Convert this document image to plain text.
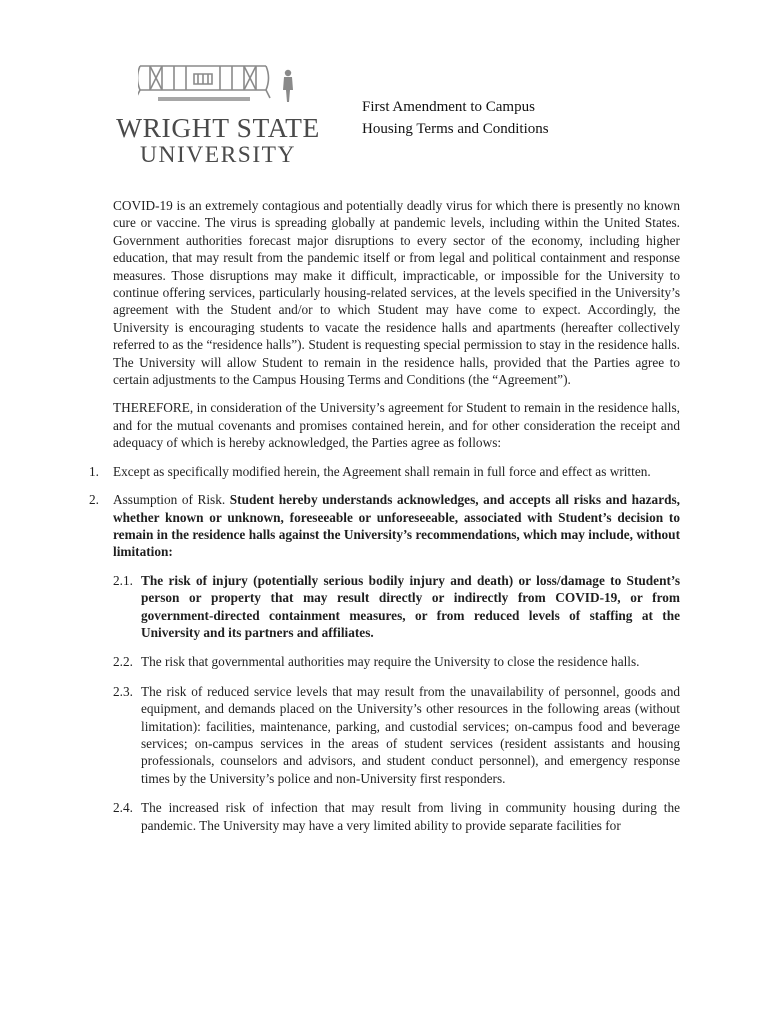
WRIGHT STATE
UNIVERSITY
First Amendment to Campus
Housing Terms and Conditions

COVID-19 is an extremely contagious and potentially deadly virus for which there is presently no known cure or vaccine. The virus is spreading globally at pandemic levels, including within the United States. Government authorities forecast major disruptions to every sector of the economy, including higher education, that may result from the pandemic itself or from legal and political containment and response measures. Those disruptions may make it difficult, impracticable, or impossible for the University to continue offering services, particularly housing-related services, at the levels specified in the University’s agreement with the Student and/or to which Student may have come to expect. Accordingly, the University is encouraging students to vacate the residence halls and apartments (hereafter collectively referred to as the “residence halls”). Student is requesting special permission to stay in the residence halls. The University will allow Student to remain in the residence halls, provided that the Parties agree to certain adjustments to the Campus Housing Terms and Conditions (the “Agreement”).

THEREFORE, in consideration of the University’s agreement for Student to remain in the residence halls, and for the mutual covenants and promises contained herein, and for other consideration the receipt and adequacy of which is hereby acknowledged, the Parties agree as follows:

1. Except as specifically modified herein, the Agreement shall remain in full force and effect as written.
2. Assumption of Risk. Student hereby understands acknowledges, and accepts all risks and hazards, whether known or unknown, foreseeable or unforeseeable, associated with Student’s decision to remain in the residence halls against the University’s recommendations, which may include, without limitation:
2.1. The risk of injury (potentially serious bodily injury and death) or loss/damage to Student’s person or property that may result directly or indirectly from COVID-19, or from government-directed containment measures, or from reduced levels of staffing at the University and its partners and affiliates.
2.2. The risk that governmental authorities may require the University to close the residence halls.
2.3. The risk of reduced service levels that may result from the unavailability of personnel, goods and equipment, and demands placed on the University’s other resources in the following areas (without limitation): facilities, maintenance, parking, and custodial services; on-campus food and beverage services; on-campus services in the areas of student services (resident assistants and housing professionals, counselors and advisors, and student conduct personnel), and emergency response times by the University’s police and non-University first responders.
2.4. The increased risk of infection that may result from living in community housing during the pandemic. The University may have a very limited ability to provide separate facilities for
